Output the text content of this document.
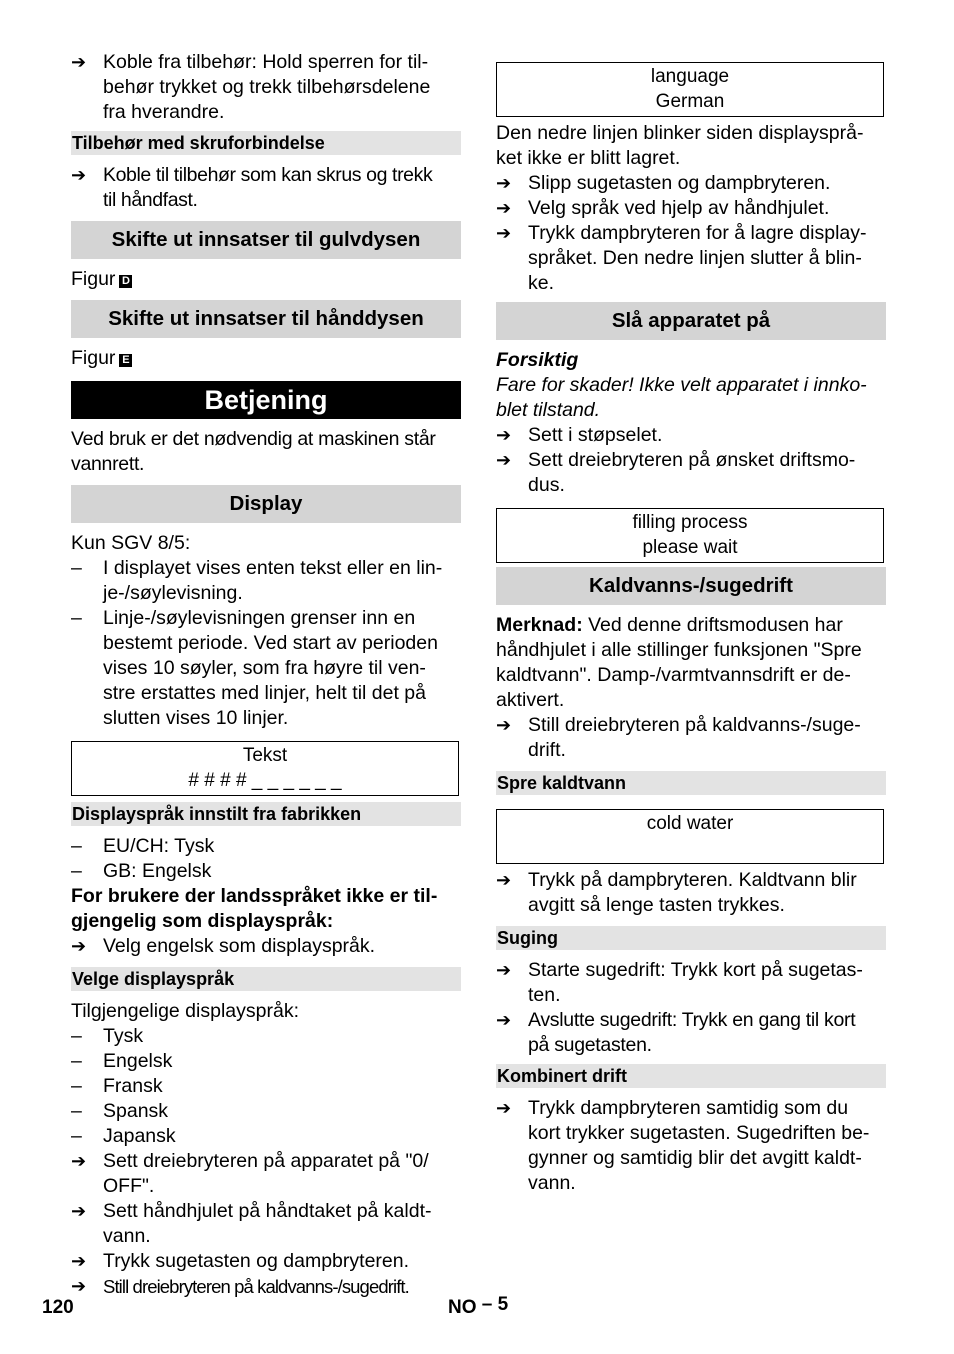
➔ Koble fra tilbehør: Hold sperren for til-
behør trykket og trekk tilbehørsdelene
fra hverandre.
Tilbehør med skruforbindelse
➔ Koble til tilbehør som kan skrus og trekk
til håndfast.
Skifte ut innsatser til gulvdysen
Figur D
Skifte ut innsatser til hånddysen
Figur E
Betjening
Ved bruk er det nødvendig at maskinen står
vannrett.
Display
Kun SGV 8/5:
–	I displayet vises enten tekst eller en lin-
je-/søylevisning.
–	Linje-/søylevisningen grenser inn en
bestemt periode. Ved start av perioden
vises 10 søyler, som fra høyre til ven-
stre erstattes med linjer, helt til det på
slutten vises 10 linjer.
Tekst
# # # # _ _ _ _ _ _
Displayspråk innstilt fra fabrikken
–	EU/CH: Tysk
–	GB: Engelsk
For brukere der landsspråket ikke er til-
gjengelig som displayspråk:
➔ Velg engelsk som displayspråk.
Velge displayspråk
Tilgjengelige displayspråk:
–	Tysk
–	Engelsk
–	Fransk
–	Spansk
–	Japansk
➔ Sett dreiebryteren på apparatet på "0/
OFF".
➔ Sett håndhjulet på håndtaket på kaldt-
vann.
➔ Trykk sugetasten og dampbryteren.
➔ Still dreiebryteren på kaldvanns-/sugedrift.
language
German
Den nedre linjen blinker siden displaysprå-
ket ikke er blitt lagret.
➔ Slipp sugetasten og dampbryteren.
➔ Velg språk ved hjelp av håndhjulet.
➔ Trykk dampbryteren for å lagre display-
språket. Den nedre linjen slutter å blin-
ke.
Slå apparatet på
Forsiktig
Fare for skader! Ikke velt apparatet i innko-
blet tilstand.
➔ Sett i støpselet.
➔ Sett dreiebryteren på ønsket driftsmo-
dus.
filling process
please wait
Kaldvanns-/sugedrift
Merknad: Ved denne driftsmodusen har
håndhjulet i alle stillinger funksjonen "Spre
kaldtvann". Damp-/varmtvannsdrift er de-
aktivert.
➔ Still dreiebryteren på kaldvanns-/suge-
drift.
Spre kaldtvann
cold water
➔ Trykk på dampbryteren. Kaldtvann blir
avgitt så lenge tasten trykkes.
Suging
➔ Starte sugedrift: Trykk kort på sugetas-
ten.
➔ Avslutte sugedrift: Trykk en gang til kort
på sugetasten.
Kombinert drift
➔ Trykk dampbryteren samtidig som du
kort trykker sugetasten. Sugedriften be-
gynner og samtidig blir det avgitt kaldt-
vann.
120	NO – 5
